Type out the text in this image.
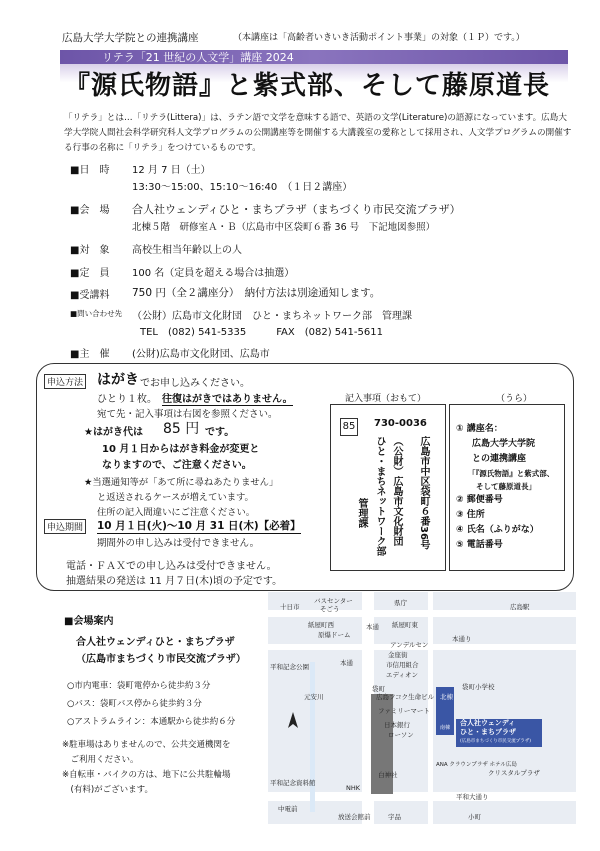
広島大学大学院との連携講座	（本講座は「高齢者いきいき活動ポイント事業」の対象（１Ｐ）です。）
リテラ「21 世紀の人文学」講座 2024
『源氏物語』と紫式部、そして藤原道長
「リテラ」とは…「リテラ(Littera)」は、ラテン語で文学を意味する語で、英語の文学(Literature)の語源になっています。広島大学大学院人間社会科学研究科人文学プログラムの公開講座等を開催する大講義室の愛称として採用され、人文学プログラムの開催する行事の名称に「リテラ」をつけているものです。
■日　時 12 月 7 日（土）
13:30～15:00、15:10～16:40　（１日２講座）
■会　場 合人社ウェンディひと・まちプラザ（まちづくり市民交流プラザ）
北棟５階　研修室Ａ・Ｂ（広島市中区袋町６番 36 号　下記地図参照）
■対　象 高校生相当年齢以上の人
■定　員 100 名（定員を超える場合は抽選）
■受講料 750 円（全２講座分）　納付方法は別途通知します。
■問い合わせ先 （公財）広島市文化財団　ひと・まちネットワーク部　管理課
TEL　(082) 541-5335　　　FAX　(082) 541-5611
■主　催 (公財)広島市文化財団、広島市
申込方法 はがき でお申し込みください。
ひとり１枚。 往復はがきではありません。
宛て先・記入事項は右図を参照ください。
★はがき代は 85 円 です。
10 月１日からはがき料金が変更と
なりますので、ご注意ください。
★当選通知等が「あて所に尋ねあたりません」
と返送されるケースが増えています。
住所の記入間違いにご注意ください。
申込期間 10 月１日(火)～10 月 31 日(木)【必着】
期間外の申し込みは受付できません。
電話・ＦＡＸでの申し込みは受付できません。
抽選結果の発送は 11 月７日(木)頃の予定です。
記入事項（おもて）
85 730-0036
広島市中区袋町６番36号
（公財）広島市文化財団
ひと・まちネットワーク部
管理課
（うら）
① 講座名：
広島大学大学院
との連携講座
「『源氏物語』と紫式部、
そして藤原道長」
② 郵便番号
③ 住所
④ 氏名（ふりがな）
⑤ 電話番号
■会場案内
合人社ウェンディひと・まちプラザ
（広島市まちづくり市民交流プラザ）
○市内電車：袋町電停から徒歩約３分
○バス：袋町バス停から徒歩約３分
○アストラムライン：本通駅から徒歩約６分
※駐車場はありませんので、公共交通機関を
　ご利用ください。
※自転車・バイクの方は、地下に公共駐輪場
　(有料)がございます。
合人社ウェンディ
ひと・まちプラザ
(広島市まちづくり市民交流プラザ)
十日市
バスセンター
そごう
県庁	広島駅
紙屋町西	紙屋町東
原爆ドーム
本通
アンデルセン
金座街
本通り
本通	市信用組合
エディオン
袋町小学校
平和記念公園
袋町
広島フコク生命ビル
ファミリーマート
日本銀行
ローソン
北棟
南棟
元安川
白神社
ANA クラウンプラザ ホテル広島
クリスタルプラザ
平和記念資料館
NHK
平和大通り
中電前
放送会館前	宇品	小町
